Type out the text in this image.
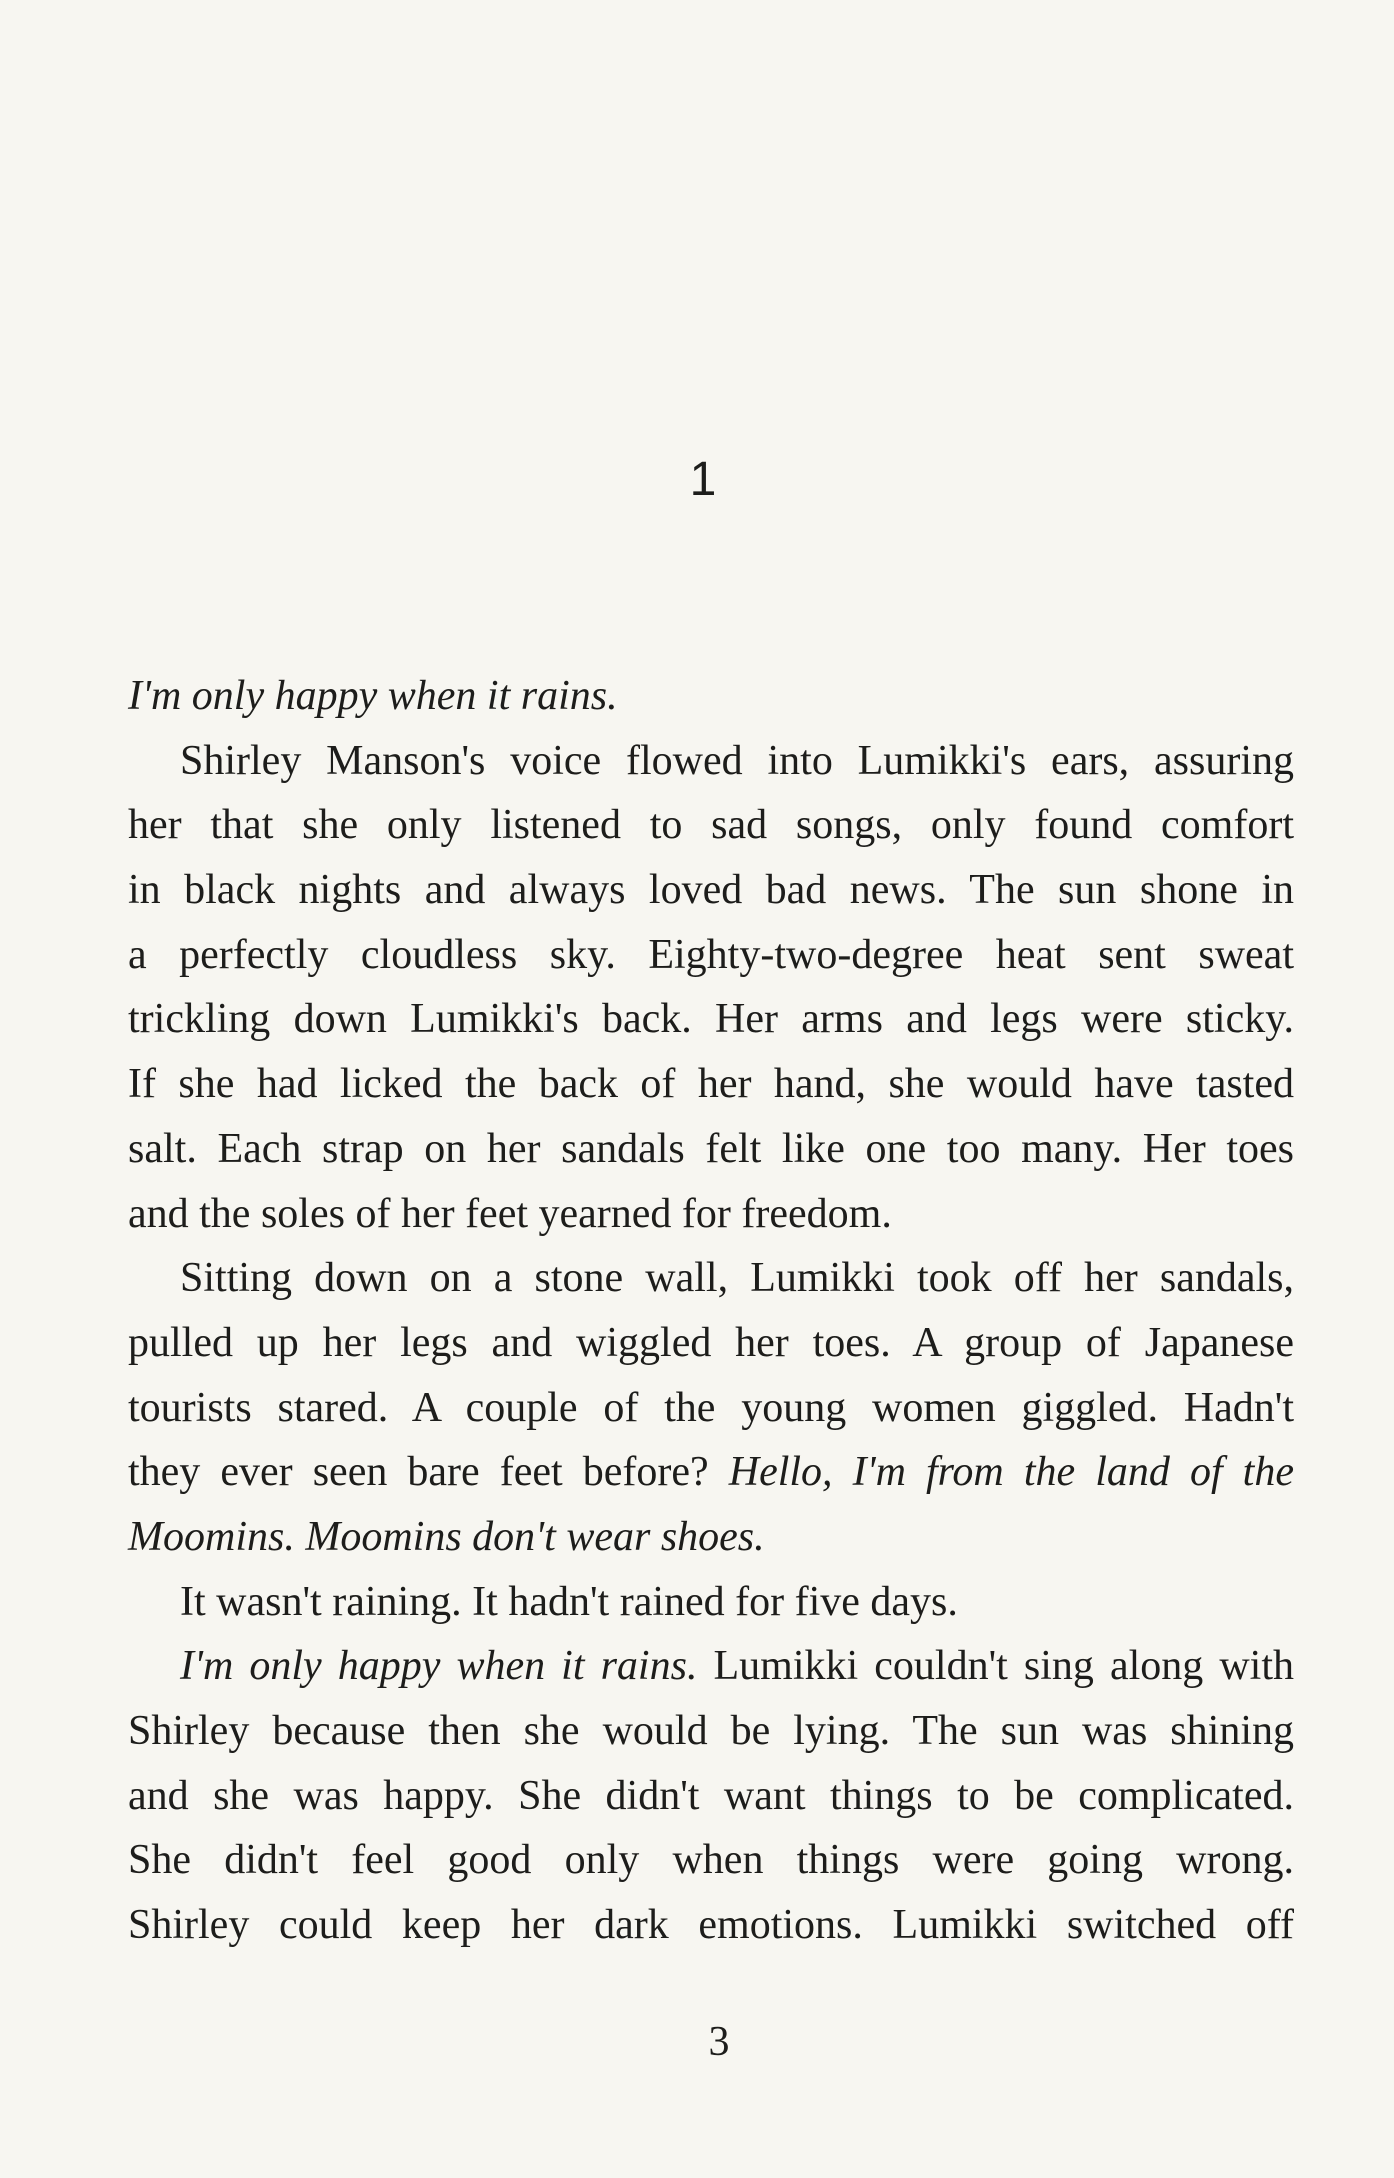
1
I'm only happy when it rains.
Shirley Manson's voice flowed into Lumikki's ears, assuring
her that she only listened to sad songs, only found comfort
in black nights and always loved bad news. The sun shone in
a perfectly cloudless sky. Eighty-two-degree heat sent sweat
trickling down Lumikki's back. Her arms and legs were sticky.
If she had licked the back of her hand, she would have tasted
salt. Each strap on her sandals felt like one too many. Her toes
and the soles of her feet yearned for freedom.
Sitting down on a stone wall, Lumikki took off her sandals,
pulled up her legs and wiggled her toes. A group of Japanese
tourists stared. A couple of the young women giggled. Hadn't
they ever seen bare feet before? Hello, I'm from the land of the
Moomins. Moomins don't wear shoes.
It wasn't raining. It hadn't rained for five days.
I'm only happy when it rains. Lumikki couldn't sing along with
Shirley because then she would be lying. The sun was shining
and she was happy. She didn't want things to be complicated.
She didn't feel good only when things were going wrong.
Shirley could keep her dark emotions. Lumikki switched off
3
